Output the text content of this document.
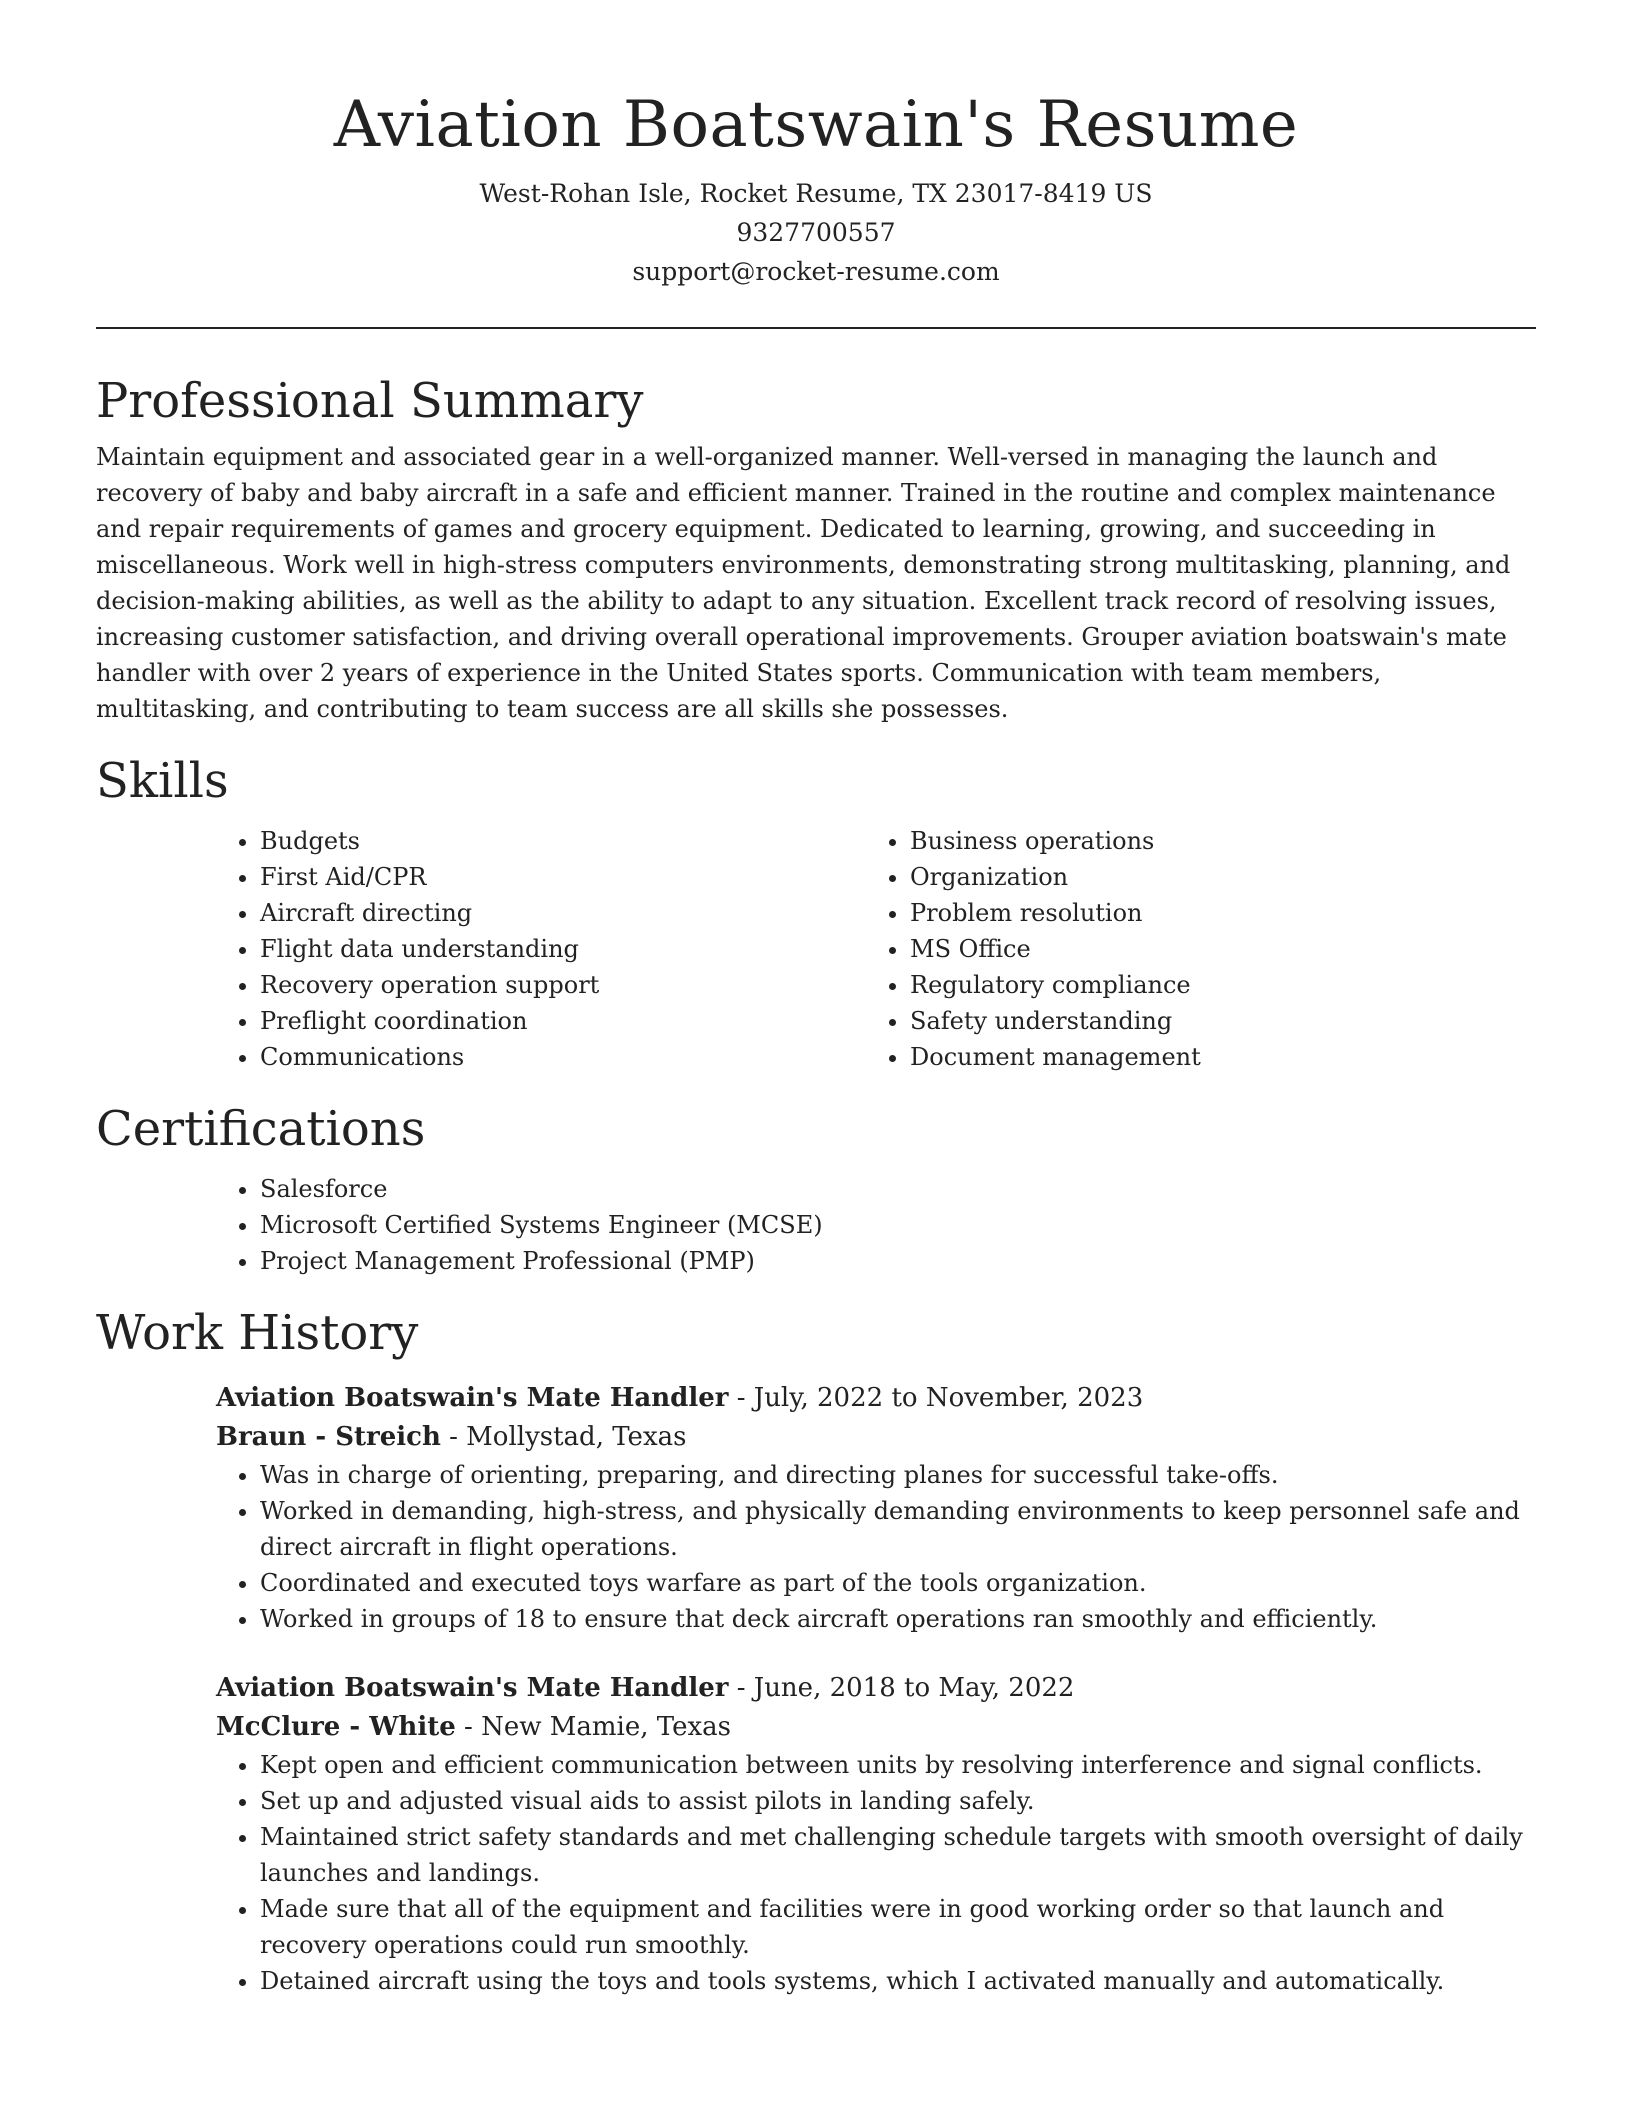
Aviation Boatswain's Resume
West-Rohan Isle, Rocket Resume, TX 23017-8419 US
9327700557
support@rocket-resume.com
Professional Summary

Maintain equipment and associated gear in a well-organized manner. Well-versed in managing the launch and recovery of baby and baby aircraft in a safe and efficient manner. Trained in the routine and complex maintenance and repair requirements of games and grocery equipment. Dedicated to learning, growing, and succeeding in miscellaneous. Work well in high-stress computers environments, demonstrating strong multitasking, planning, and decision-making abilities, as well as the ability to adapt to any situation. Excellent track record of resolving issues, increasing customer satisfaction, and driving overall operational improvements. Grouper aviation boatswain's mate handler with over 2 years of experience in the United States sports. Communication with team members, multitasking, and contributing to team success are all skills she possesses.

Skills
• Budgets
• First Aid/CPR
• Aircraft directing
• Flight data understanding
• Recovery operation support
• Preflight coordination
• Communications
• Business operations
• Organization
• Problem resolution
• MS Office
• Regulatory compliance
• Safety understanding
• Document management
Certifications
• Salesforce
• Microsoft Certified Systems Engineer (MCSE)
• Project Management Professional (PMP)
Work History
Aviation Boatswain's Mate Handler - July, 2022 to November, 2023
Braun - Streich - Mollystad, Texas
• Was in charge of orienting, preparing, and directing planes for successful take-offs.
• Worked in demanding, high-stress, and physically demanding environments to keep personnel safe and direct aircraft in flight operations.
• Coordinated and executed toys warfare as part of the tools organization.
• Worked in groups of 18 to ensure that deck aircraft operations ran smoothly and efficiently.
Aviation Boatswain's Mate Handler - June, 2018 to May, 2022
McClure - White - New Mamie, Texas
• Kept open and efficient communication between units by resolving interference and signal conflicts.
• Set up and adjusted visual aids to assist pilots in landing safely.
• Maintained strict safety standards and met challenging schedule targets with smooth oversight of daily launches and landings.
• Made sure that all of the equipment and facilities were in good working order so that launch and recovery operations could run smoothly.
• Detained aircraft using the toys and tools systems, which I activated manually and automatically.
